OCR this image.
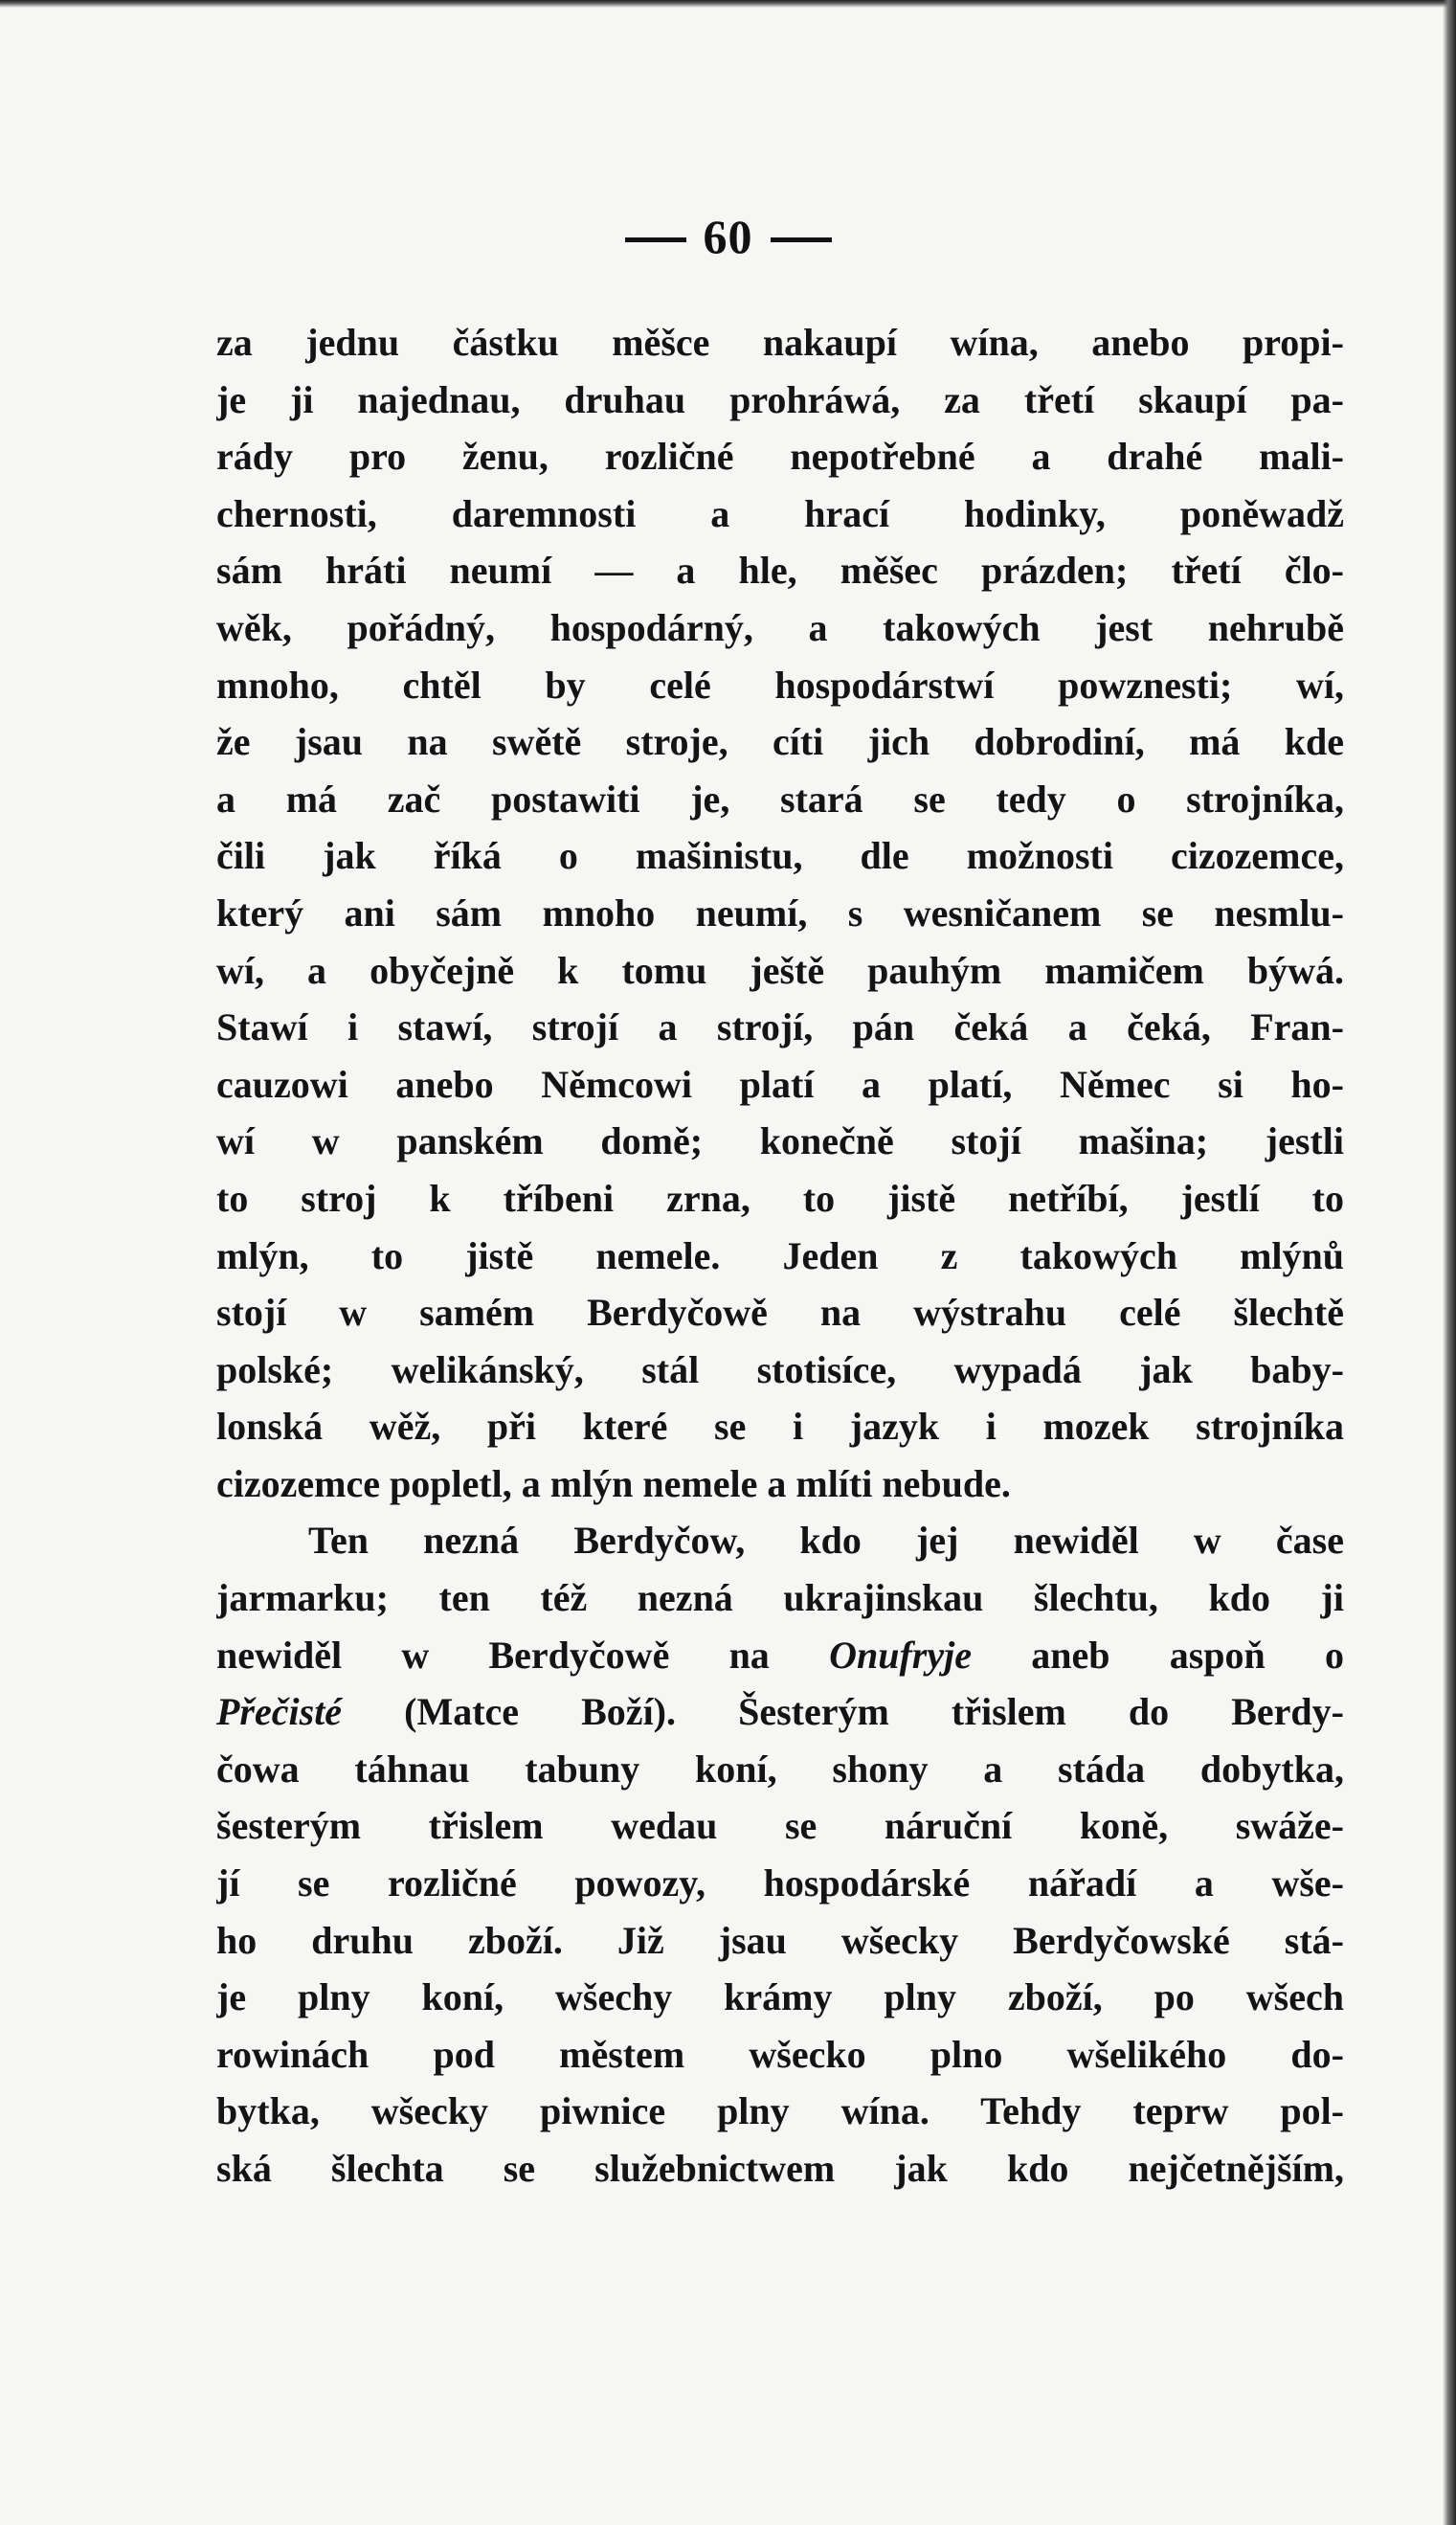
60
za jednu částku měšce nakaupí wína, anebo propi-
je ji najednau, druhau prohráwá, za třetí skaupí pa-
rády pro ženu, rozličné nepotřebné a drahé mali-
chernosti, daremnosti a hrací hodinky, poněwadž
sám hráti neumí — a hle, měšec prázden; třetí člo-
wěk, pořádný, hospodárný, a takowých jest nehrubě
mnoho, chtěl by celé hospodárstwí powznesti; wí,
že jsau na swětě stroje, cíti jich dobrodiní, má kde
a má zač postawiti je, stará se tedy o strojníka,
čili jak říká o mašinistu, dle možnosti cizozemce,
který ani sám mnoho neumí, s wesničanem se nesmlu-
wí, a obyčejně k tomu ještě pauhým mamičem býwá.
Stawí i stawí, strojí a strojí, pán čeká a čeká, Fran-
cauzowi anebo Němcowi platí a platí, Němec si ho-
wí w panském domě; konečně stojí mašina; jestli
to stroj k tříbeni zrna, to jistě netříbí, jestlí to
mlýn, to jistě nemele. Jeden z takowých mlýnů
stojí w samém Berdyčowě na wýstrahu celé šlechtě
polské; welikánský, stál stotisíce, wypadá jak baby-
lonská wěž, při které se i jazyk i mozek strojníka
cizozemce popletl, a mlýn nemele a mlíti nebude.
Ten nezná Berdyčow, kdo jej newiděl w čase
jarmarku; ten též nezná ukrajinskau šlechtu, kdo ji
newiděl w Berdyčowě na Onufryje aneb aspoň o
Přečisté (Matce Boží). Šesterým třislem do Berdy-
čowa táhnau tabuny koní, shony a stáda dobytka,
šesterým třislem wedau se náruční koně, swáže-
jí se rozličné powozy, hospodárské nářadí a wše-
ho druhu zboží. Již jsau wšecky Berdyčowské stá-
je plny koní, wšechy krámy plny zboží, po wšech
rowinách pod městem wšecko plno wšelikého do-
bytka, wšecky piwnice plny wína. Tehdy teprw pol-
ská šlechta se služebnictwem jak kdo nejčetnějším,
